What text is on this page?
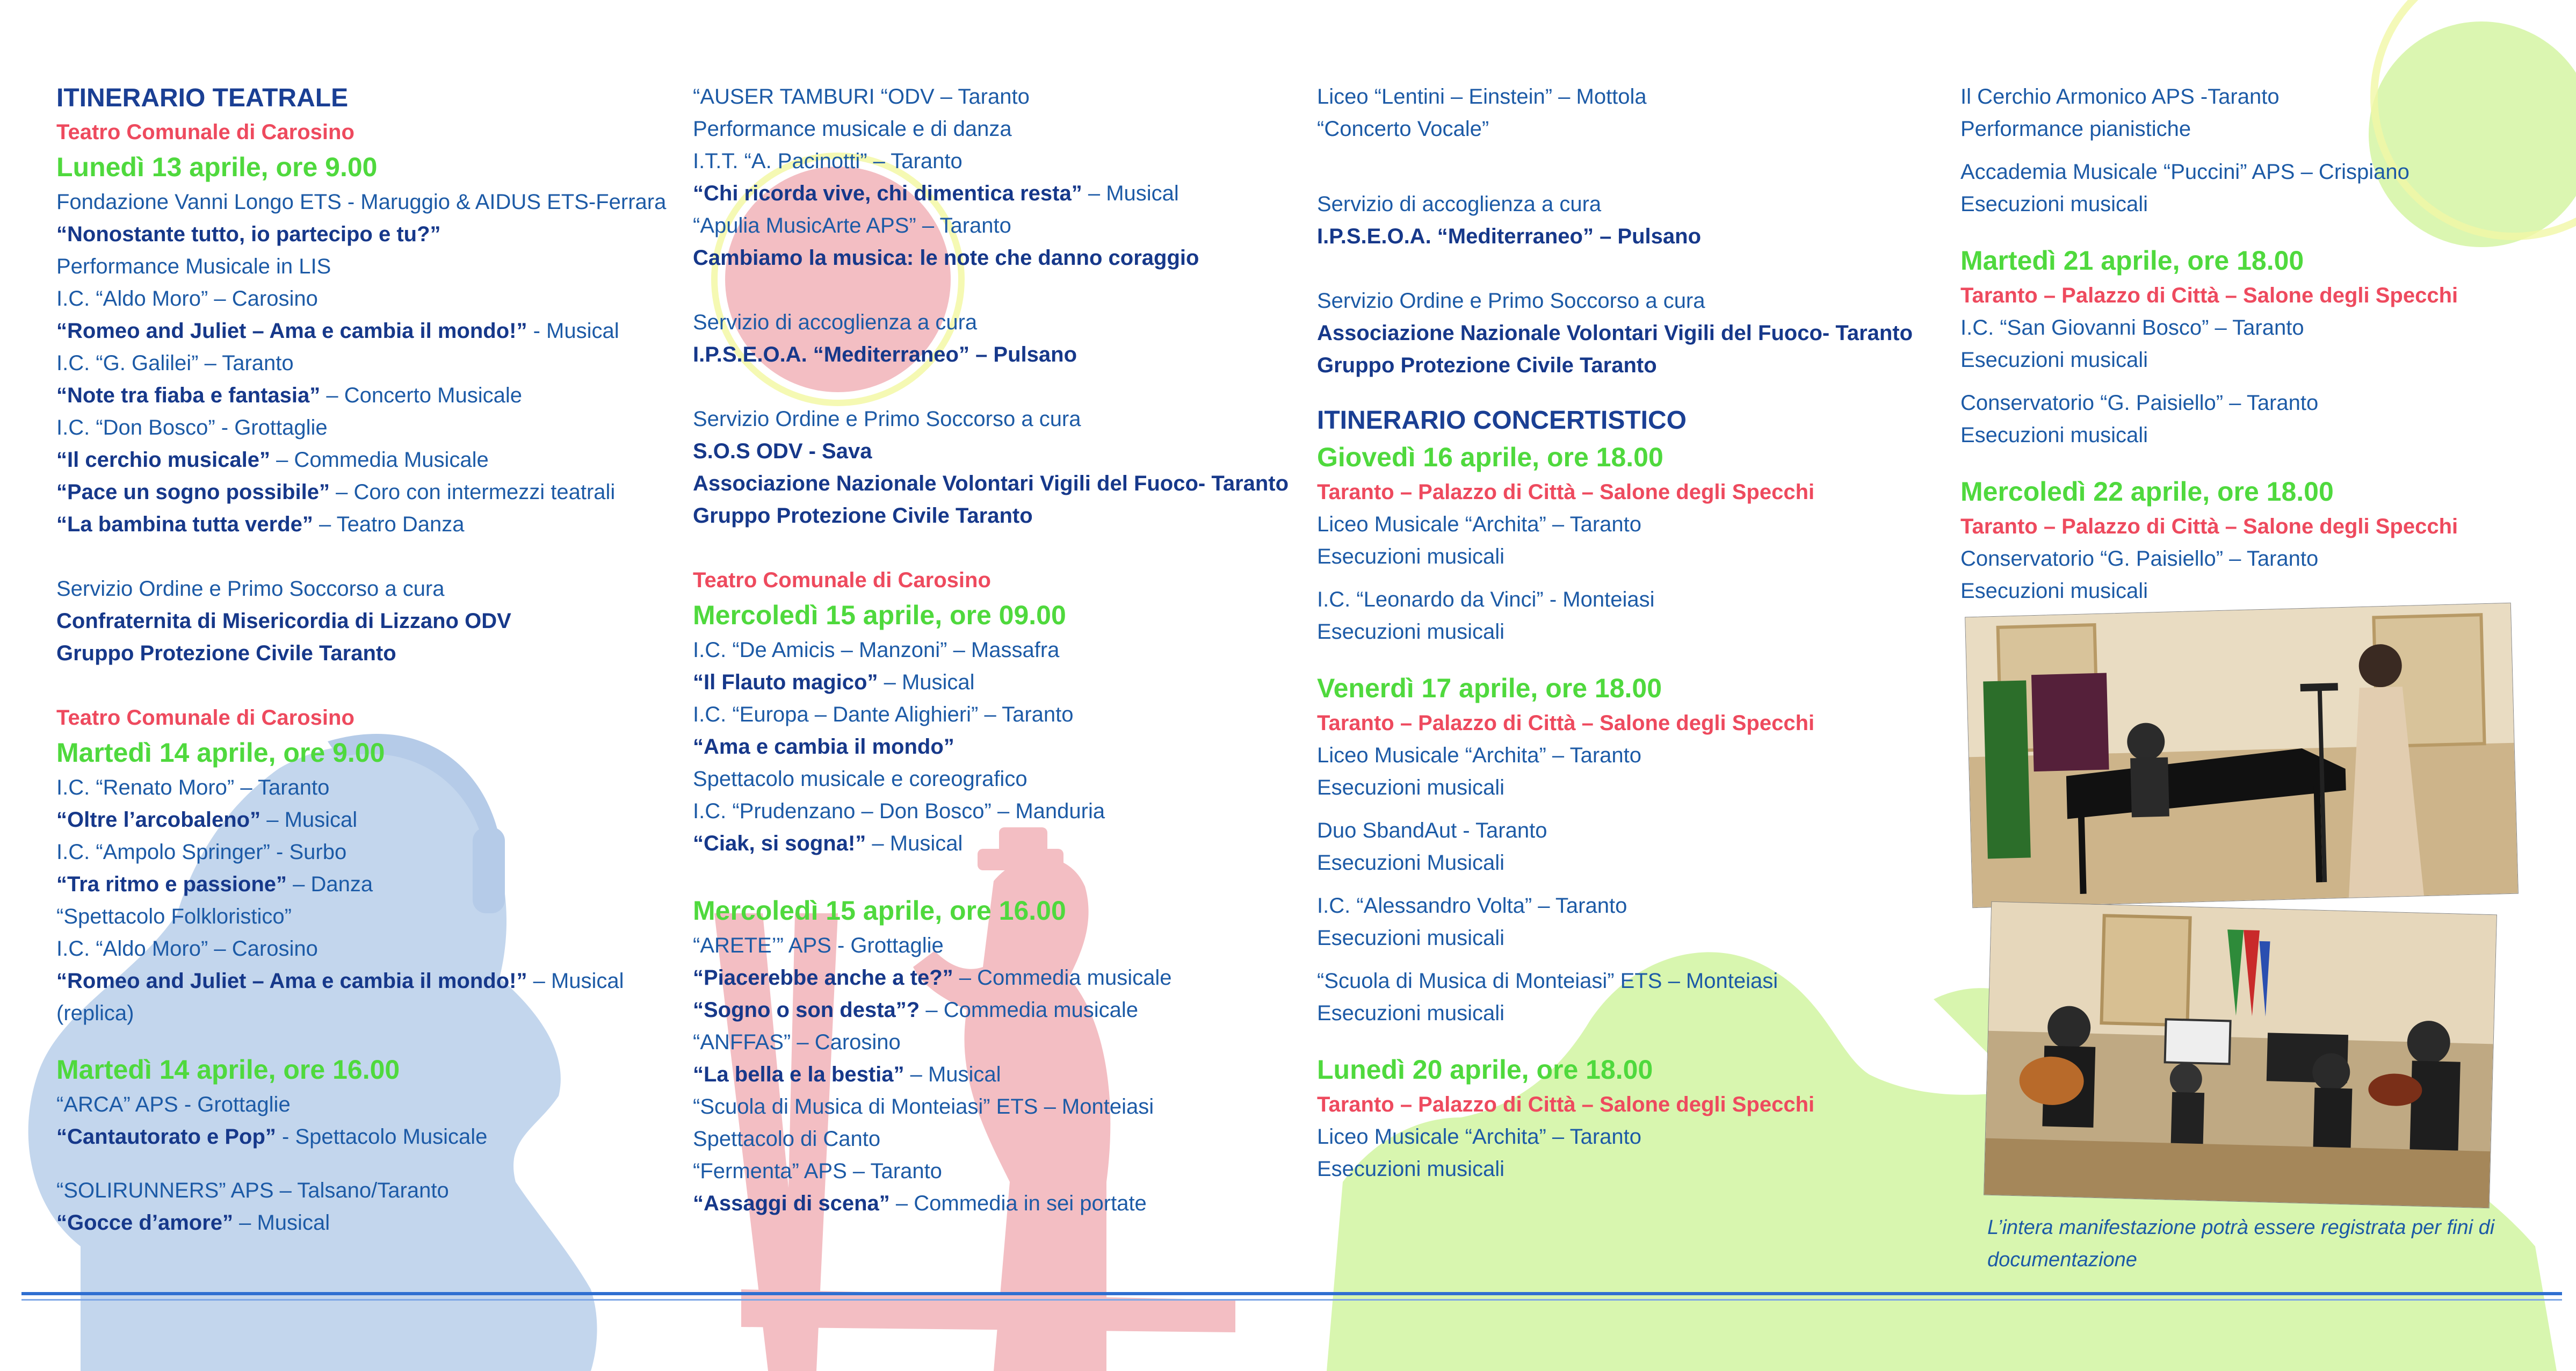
ITINERARIO TEATRALE
Teatro Comunale di Carosino
Lunedì 13 aprile, ore 9.00
Fondazione Vanni Longo ETS - Maruggio & AIDUS ETS-Ferrara
“Nonostante tutto, io partecipo e tu?”
Performance Musicale in LIS
I.C. “Aldo Moro” – Carosino
“Romeo and Juliet – Ama e cambia il mondo!” - Musical
I.C. “G. Galilei” – Taranto
“Note tra fiaba e fantasia” – Concerto Musicale
I.C. “Don Bosco” - Grottaglie
“Il cerchio musicale” – Commedia Musicale
“Pace un sogno possibile” – Coro con intermezzi teatrali
“La bambina tutta verde” – Teatro Danza
Servizio Ordine e Primo Soccorso a cura
Confraternita di Misericordia di Lizzano ODV
Gruppo Protezione Civile Taranto
Teatro Comunale di Carosino
Martedì 14 aprile, ore 9.00
I.C. “Renato Moro” – Taranto
“Oltre l’arcobaleno” – Musical
I.C. “Ampolo Springer” - Surbo
“Tra ritmo e passione” – Danza
“Spettacolo Folkloristico”
I.C. “Aldo Moro” – Carosino
“Romeo and Juliet – Ama e cambia il mondo!” – Musical
(replica)
Martedì 14 aprile, ore 16.00
“ARCA” APS - Grottaglie
“Cantautorato e Pop” - Spettacolo Musicale
“SOLIRUNNERS” APS – Talsano/Taranto
“Gocce d’amore” – Musical
“AUSER TAMBURI “ODV – Taranto
Performance musicale e di danza
I.T.T. “A. Pacinotti” – Taranto
“Chi ricorda vive, chi dimentica resta” – Musical
“Apulia MusicArte APS” – Taranto
Cambiamo la musica: le note che danno coraggio
Servizio di accoglienza a cura
I.P.S.E.O.A. “Mediterraneo” – Pulsano
Servizio Ordine e Primo Soccorso a cura
S.O.S ODV - Sava
Associazione Nazionale Volontari Vigili del Fuoco- Taranto
Gruppo Protezione Civile Taranto
Teatro Comunale di Carosino
Mercoledì 15 aprile, ore 09.00
I.C. “De Amicis – Manzoni” – Massafra
“Il Flauto magico” – Musical
I.C. “Europa – Dante Alighieri” – Taranto
“Ama e cambia il mondo”
Spettacolo musicale e coreografico
I.C. “Prudenzano – Don Bosco” – Manduria
“Ciak, si sogna!” – Musical
Mercoledì 15 aprile, ore 16.00
“ARETE’” APS - Grottaglie
“Piacerebbe anche a te?” – Commedia musicale
“Sogno o son desta”? – Commedia musicale
“ANFFAS” – Carosino
“La bella e la bestia” – Musical
“Scuola di Musica di Monteiasi” ETS – Monteiasi
Spettacolo di Canto
“Fermenta” APS – Taranto
“Assaggi di scena” – Commedia in sei portate
Liceo “Lentini – Einstein” – Mottola
“Concerto Vocale”
Servizio di accoglienza a cura
I.P.S.E.O.A. “Mediterraneo” – Pulsano
Servizio Ordine e Primo Soccorso a cura
Associazione Nazionale Volontari Vigili del Fuoco- Taranto
Gruppo Protezione Civile Taranto
ITINERARIO CONCERTISTICO
Giovedì 16 aprile, ore 18.00
Taranto – Palazzo di Città – Salone degli Specchi
Liceo Musicale “Archita” – Taranto
Esecuzioni musicali
I.C. “Leonardo da Vinci” - Monteiasi
Esecuzioni musicali
Venerdì 17 aprile, ore 18.00
Taranto – Palazzo di Città – Salone degli Specchi
Liceo Musicale “Archita” – Taranto
Esecuzioni musicali
Duo SbandAut - Taranto
Esecuzioni Musicali
I.C. “Alessandro Volta” – Taranto
Esecuzioni musicali
“Scuola di Musica di Monteiasi” ETS – Monteiasi
Esecuzioni musicali
Lunedì 20 aprile, ore 18.00
Taranto – Palazzo di Città – Salone degli Specchi
Liceo Musicale “Archita” – Taranto
Esecuzioni musicali
Il Cerchio Armonico APS -Taranto
Performance pianistiche
Accademia Musicale “Puccini” APS – Crispiano
Esecuzioni musicali
Martedì 21 aprile, ore 18.00
Taranto – Palazzo di Città – Salone degli Specchi
I.C. “San Giovanni Bosco” – Taranto
Esecuzioni musicali
Conservatorio “G. Paisiello” – Taranto
Esecuzioni musicali
Mercoledì 22 aprile, ore 18.00
Taranto – Palazzo di Città – Salone degli Specchi
Conservatorio “G. Paisiello” – Taranto
Esecuzioni musicali
L’intera manifestazione potrà essere registrata per fini di documentazione
